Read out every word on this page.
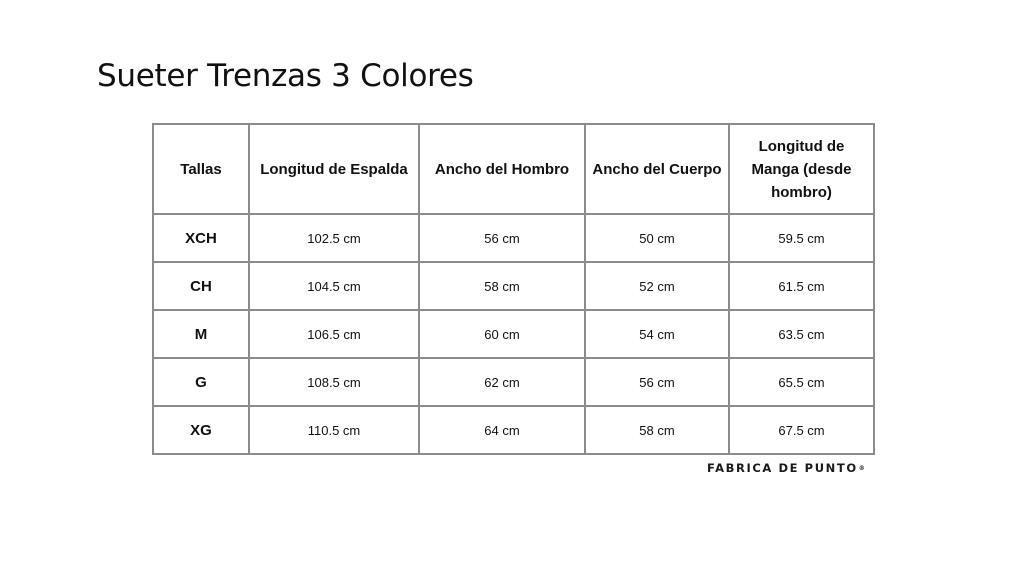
Sueter Trenzas 3 Colores
Tallas	Longitud de Espalda	Ancho del Hombro	Ancho del Cuerpo	Longitud de Manga (desde hombro)
XCH	102.5 cm	56 cm	50 cm	59.5 cm
CH	104.5 cm	58 cm	52 cm	61.5 cm
M	106.5 cm	60 cm	54 cm	63.5 cm
G	108.5 cm	62 cm	56 cm	65.5 cm
XG	110.5 cm	64 cm	58 cm	67.5 cm
FABRICA DE PUNTO®
